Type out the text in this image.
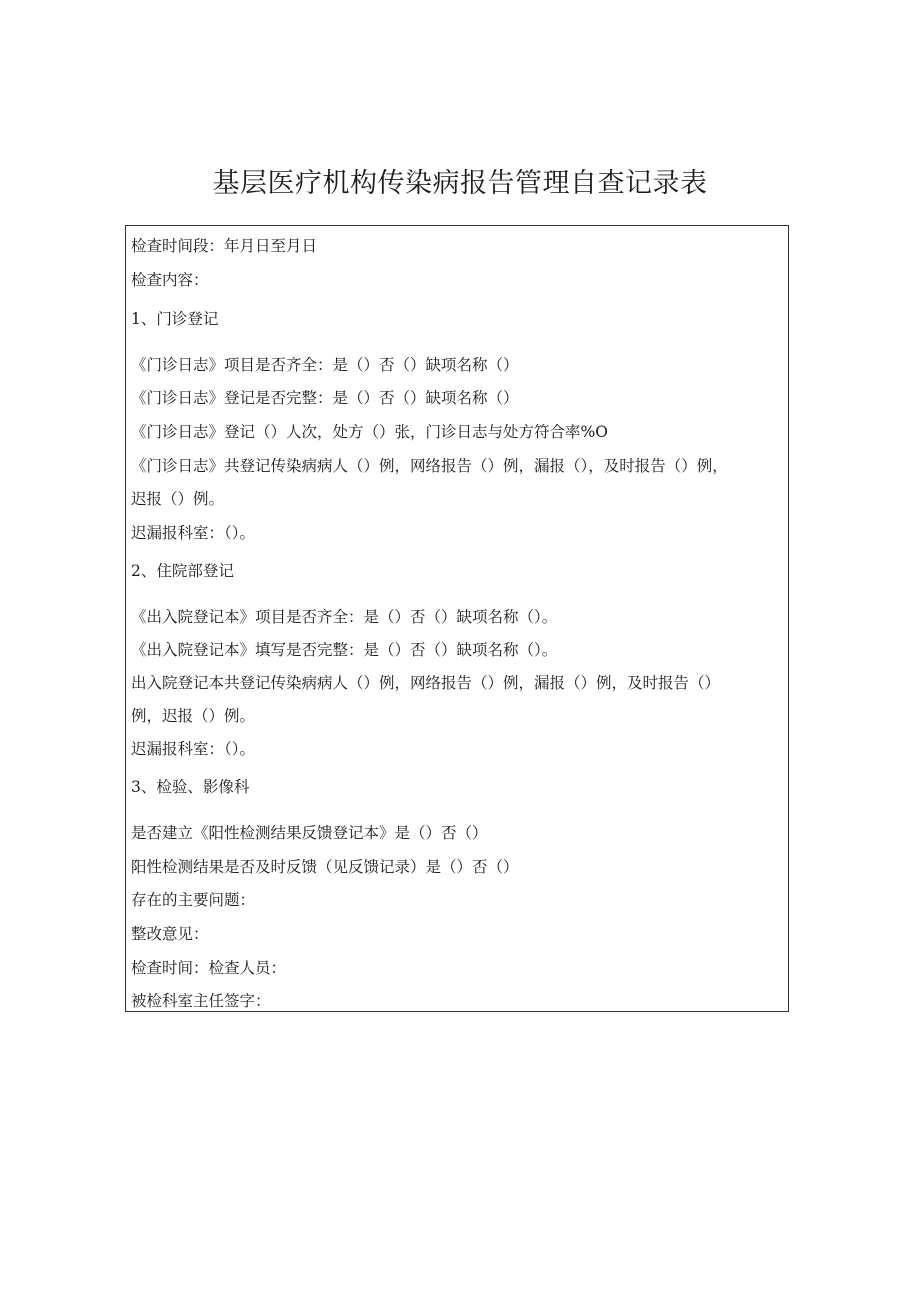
基层医疗机构传染病报告管理自查记录表
检查时间段：年月日至月日
检查内容：
1、门诊登记
《门诊日志》项目是否齐全：是（）否（）缺项名称（）
《门诊日志》登记是否完整：是（）否（）缺项名称（）
《门诊日志》登记（）人次，处方（）张，门诊日志与处方符合率%O
《门诊日志》共登记传染病病人（）例，网络报告（）例，漏报（），及时报告（）例，
迟报（）例。
迟漏报科室：（）。
2、住院部登记
《出入院登记本》项目是否齐全：是（）否（）缺项名称（）。
《出入院登记本》填写是否完整：是（）否（）缺项名称（）。
出入院登记本共登记传染病病人（）例，网络报告（）例，漏报（）例，及时报告（）
例，迟报（）例。
迟漏报科室：（）。
3、检验、影像科
是否建立《阳性检测结果反馈登记本》是（）否（）
阳性检测结果是否及时反馈（见反馈记录）是（）否（）
存在的主要问题：
整改意见：
检查时间：检查人员：
被检科室主任签字：
